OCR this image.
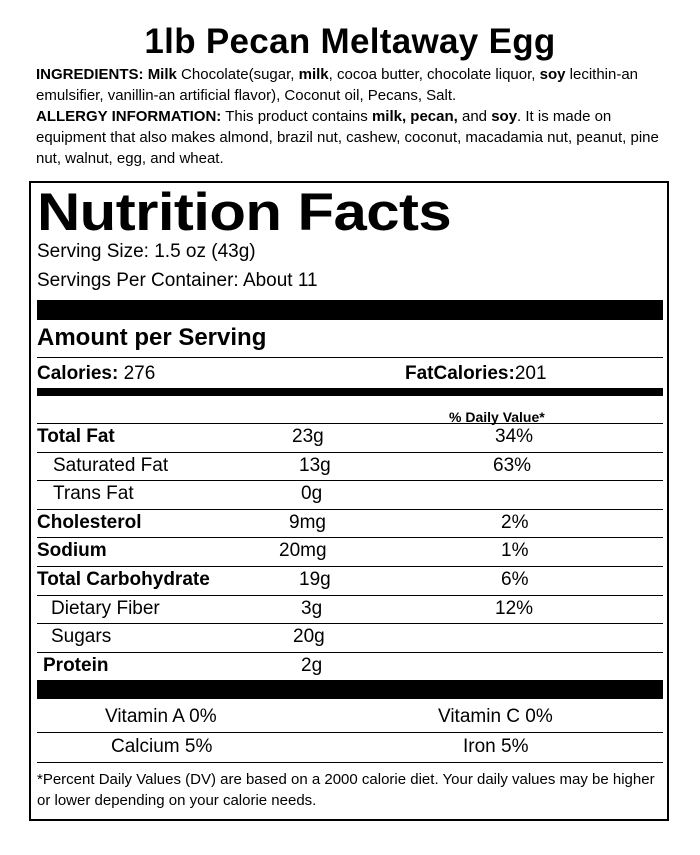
1lb Pecan Meltaway Egg

INGREDIENTS: Milk Chocolate(sugar, milk, cocoa butter, chocolate liquor, soy lecithin-an emulsifier, vanillin-an artificial flavor), Coconut oil, Pecans, Salt.

ALLERGY INFORMATION: This product contains milk, pecan, and soy. It is made on equipment that also makes almond, brazil nut, cashew, coconut, macadamia nut, peanut, pine nut, walnut, egg, and wheat.

Nutrition Facts
Serving Size: 1.5 oz (43g)
Servings Per Container: About 11
Amount per Serving
Calories: 276	FatCalories:201
% Daily Value*
Total Fat	23g	34%
Saturated Fat	13g	63%
Trans Fat	0g
Cholesterol	9mg	2%
Sodium	20mg	1%
Total Carbohydrate	19g	6%
Dietary Fiber	3g	12%
Sugars	20g
Protein	2g
Vitamin A 0%	Vitamin C 0%
Calcium 5%	Iron 5%
*Percent Daily Values (DV) are based on a 2000 calorie diet. Your daily values may be higher or lower depending on your calorie needs.
